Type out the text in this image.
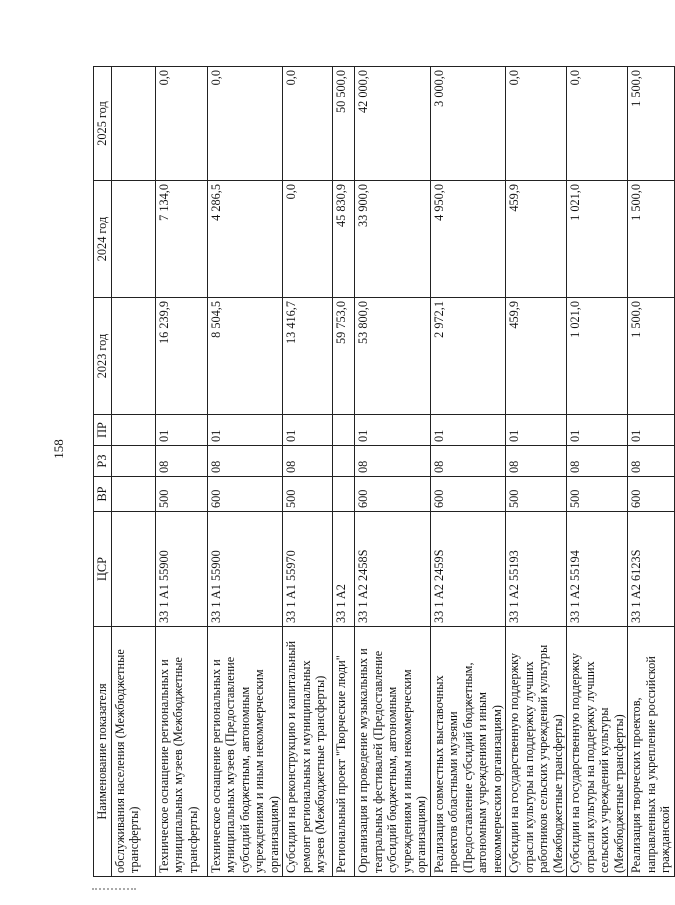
158
Наименование показателя	ЦСР	ВР	РЗ	ПР	2023 год	2024 год	2025 год
обслуживания населения (Межбюджетные трансферты)							
Техническое оснащение региональных и муниципальных музеев (Межбюджетные трансферты)	33 1 A1 55900	500	08	01	16 239,9	7 134,0	0,0
Техническое оснащение региональных и муниципальных музеев (Предоставление субсидий бюджетным, автономным учреждениям и иным некоммерческим организациям)	33 1 A1 55900	600	08	01	8 504,5	4 286,5	0,0
Субсидии на реконструкцию и капитальный ремонт региональных и муниципальных музеев (Межбюджетные трансферты)	33 1 A1 55970	500	08	01	13 416,7	0,0	0,0
Региональный проект "Творческие люди"	33 1 A2				59 753,0	45 830,9	50 500,0
Организация и проведение музыкальных и театральных фестивалей (Предоставление субсидий бюджетным, автономным учреждениям и иным некоммерческим организациям)	33 1 A2 2458S	600	08	01	53 800,0	33 900,0	42 000,0
Реализация совместных выставочных проектов областными музеями (Предоставление субсидий бюджетным, автономным учреждениям и иным некоммерческим организациям)	33 1 A2 2459S	600	08	01	2 972,1	4 950,0	3 000,0
Субсидии на государственную поддержку отрасли культуры на поддержку лучших работников сельских учреждений культуры (Межбюджетные трансферты)	33 1 A2 55193	500	08	01	459,9	459,9	0,0
Субсидии на государственную поддержку отрасли культуры на поддержку лучших сельских учреждений культуры (Межбюджетные трансферты)	33 1 A2 55194	500	08	01	1 021,0	1 021,0	0,0
Реализация творческих проектов, направленных на укрепление российской гражданской	33 1 A2 6123S	600	08	01	1 500,0	1 500,0	1 500,0
